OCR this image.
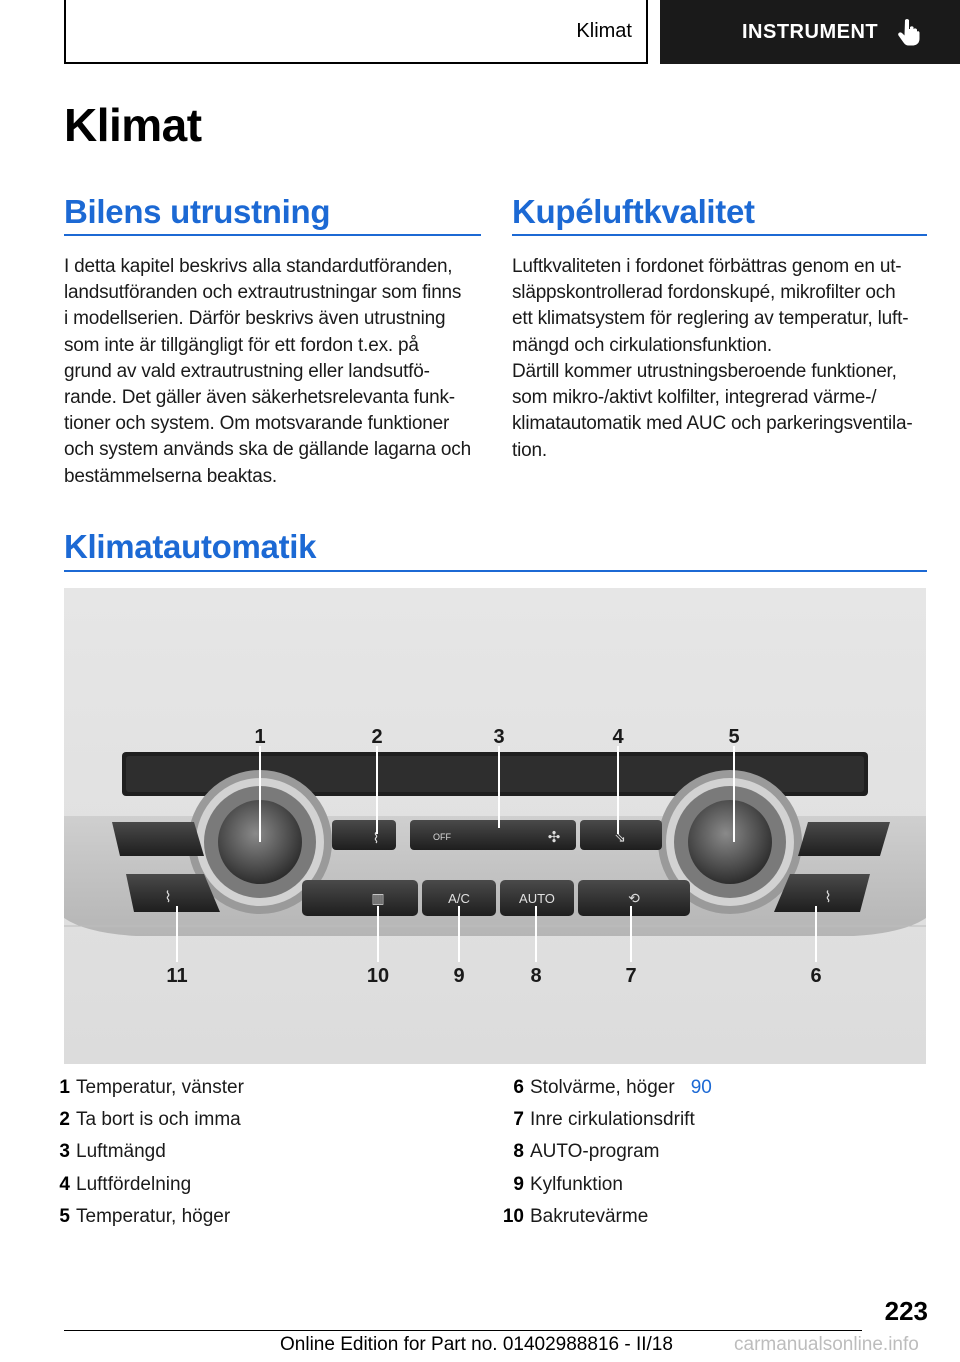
Klimat	INSTRUMENT
Klimat
Bilens utrustning
I detta kapitel beskrivs alla standardutföranden,
landsutföranden och extrautrustningar som finns
i modellserien. Därför beskrivs även utrustning
som inte är tillgängligt för ett fordon t.ex. på
grund av vald extrautrustning eller landsutfö-
rande. Det gäller även säkerhetsrelevanta funk-
tioner och system. Om motsvarande funktioner
och system används ska de gällande lagarna och
bestämmelserna beaktas.
Kupéluftkvalitet
Luftkvaliteten i fordonet förbättras genom en ut-
släppskontrollerad fordonskupé, mikrofilter och
ett klimatsystem för reglering av temperatur, luft-
mängd och cirkulationsfunktion.
Därtill kommer utrustningsberoende funktioner,
som mikro-/aktivt kolfilter, integrerad värme-/
klimatautomatik med AUC och parkeringsventila-
tion.
Klimatautomatik
⌇	OFF	✣	⇘
⌇	⌇
▥	A/C	AUTO	⟲
1	2	3	4	5
11	10	9	8	7	6
1 Temperatur, vänster
2 Ta bort is och imma
3 Luftmängd
4 Luftfördelning
5 Temperatur, höger
6 Stolvärme, höger 90
7 Inre cirkulationsdrift
8 AUTO-program
9 Kylfunktion
10 Bakrutevärme
223
Online Edition for Part no. 01402988816 - II/18	carmanualsonline.info
